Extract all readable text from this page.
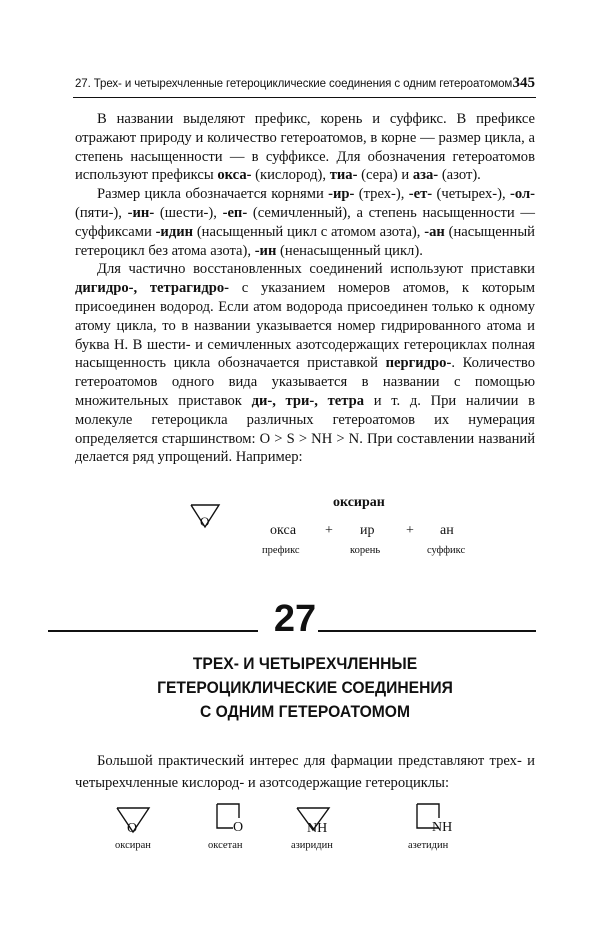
27. Трех- и четырехчленные гетероциклические соединения с одним гетероатомом 345

В названии выделяют префикс, корень и суффикс. В префиксе отражают природу и количество гетероатомов, в корне — размер цикла, а степень насыщенности — в суффиксе. Для обозначения гетероатомов используют префиксы окса- (кислород), тиа- (сера) и аза- (азот).

Размер цикла обозначается корнями -ир- (трех-), -ет- (четырех-), -ол- (пяти-), -ин- (шести-), -еп- (семичленный), а степень насыщенности — суффиксами -идин (насыщенный цикл с атомом азота), -ан (насыщенный гетероцикл без атома азота), -ин (ненасыщенный цикл).

Для частично восстановленных соединений используют приставки дигидро-, тетрагидро- с указанием номеров атомов, к которым присоединен водород. Если атом водорода присоединен только к одному атому цикла, то в названии указывается номер гидрированного атома и буква Н. В шести- и семичленных азотсодержащих гетероциклах полная насыщенность цикла обозначается приставкой пергидро-. Количество гетероатомов одного вида указывается в названии с помощью множительных приставок ди-, три-, тетра и т. д. При наличии в молекуле гетероцикла различных гетероатомов их нумерация определяется старшинством: O > S > NH > N. При составлении названий делается ряд упрощений. Например:

O
оксиран
окса + ир + ан
префикс	корень	суффикс
27
ТРЕХ- И ЧЕТЫРЕХЧЛЕННЫЕ
ГЕТЕРОЦИКЛИЧЕСКИЕ СОЕДИНЕНИЯ
С ОДНИМ ГЕТЕРОАТОМОМ

Большой практический интерес для фармации представляют трех- и четырехчленные кислород- и азотсодержащие гетероциклы:

O
оксиран
O
оксетан
NH
азиридин
NH
азетидин
